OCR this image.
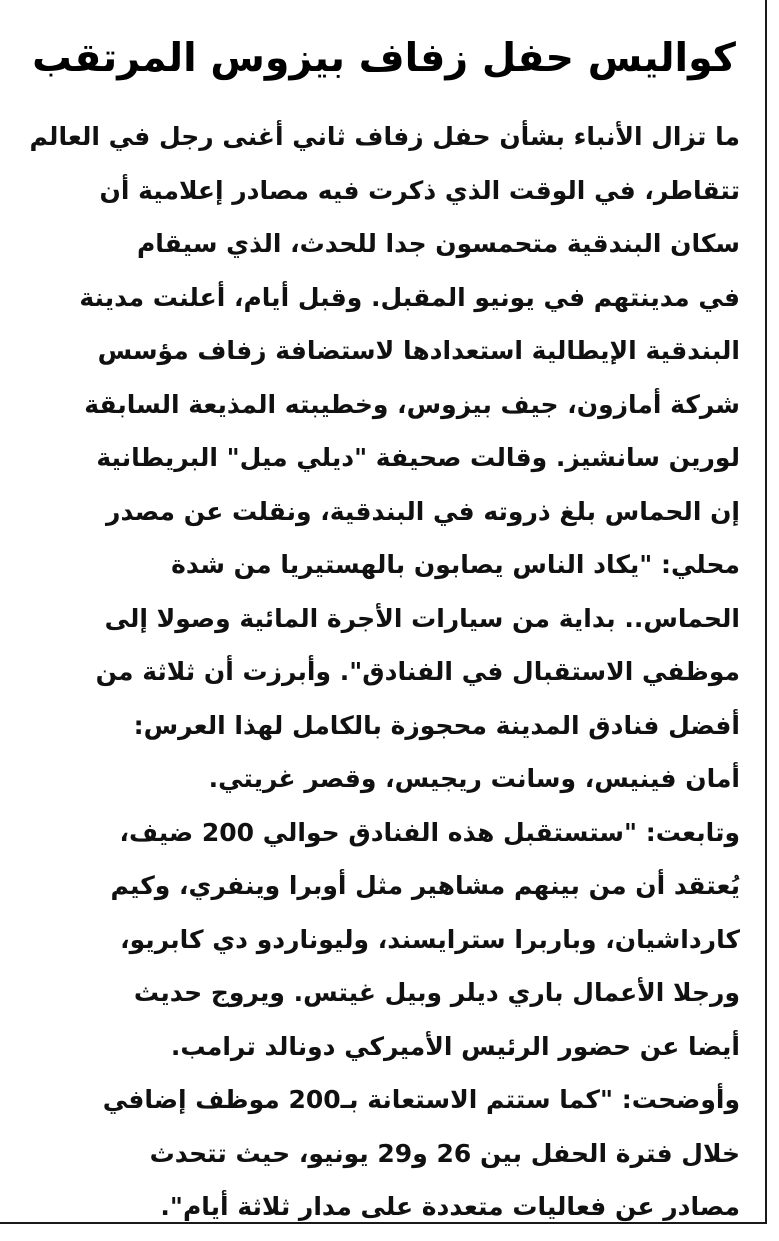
كواليس حفل زفاف بيزوس المرتقب
ما تزال الأنباء بشأن حفل زفاف ثاني أغنى رجل في العالم
تتقاطر، في الوقت الذي ذكرت فيه مصادر إعلامية أن
سكان البندقية متحمسون جدا للحدث، الذي سيقام
في مدينتهم في يونيو المقبل. وقبل أيام، أعلنت مدينة
البندقية الإيطالية استعدادها لاستضافة زفاف مؤسس
شركة أمازون، جيف بيزوس، وخطيبته المذيعة السابقة
لورين سانشيز. وقالت صحيفة "ديلي ميل" البريطانية
إن الحماس بلغ ذروته في البندقية، ونقلت عن مصدر
محلي: "يكاد الناس يصابون بالهستيريا من شدة
الحماس.. بداية من سيارات الأجرة المائية وصولا إلى
موظفي الاستقبال في الفنادق". وأبرزت أن ثلاثة من
أفضل فنادق المدينة محجوزة بالكامل لهذا العرس:
أمان فينيس، وسانت ريجيس، وقصر غريتي.
وتابعت: "ستستقبل هذه الفنادق حوالي 200 ضيف،
يُعتقد أن من بينهم مشاهير مثل أوبرا وينفري، وكيم
كارداشيان، وباربرا سترايسند، وليوناردو دي كابريو،
ورجلا الأعمال باري ديلر وبيل غيتس. ويروج حديث
أيضا عن حضور الرئيس الأميركي دونالد ترامب.
وأوضحت: "كما ستتم الاستعانة بـ200 موظف إضافي
خلال فترة الحفل بين 26 و29 يونيو، حيث تتحدث
مصادر عن فعاليات متعددة على مدار ثلاثة أيام".
